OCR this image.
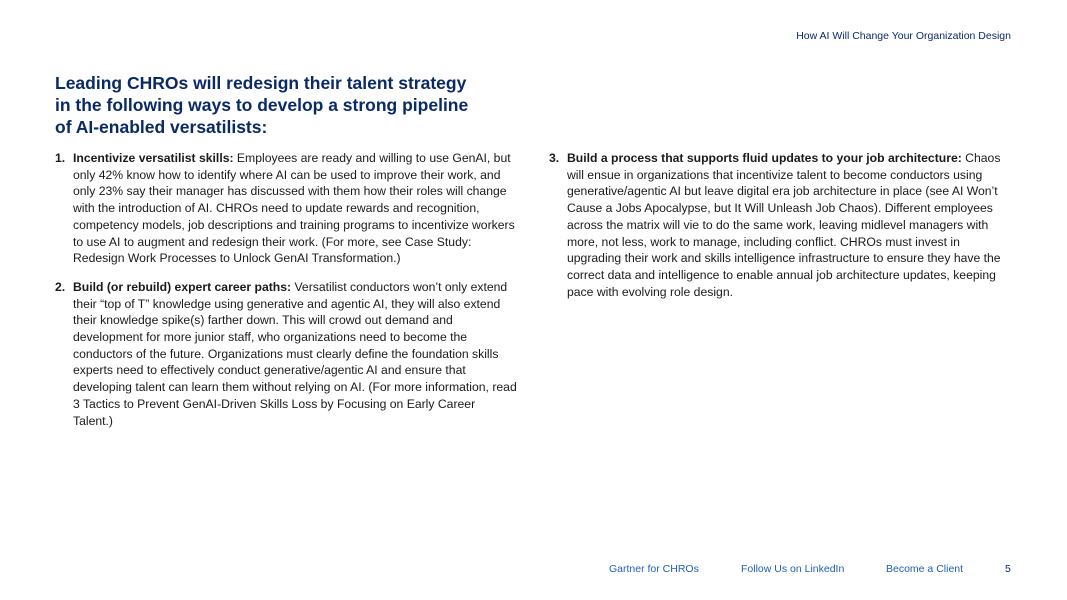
How AI Will Change Your Organization Design
Leading CHROs will redesign their talent strategy in the following ways to develop a strong pipeline of AI-enabled versatilists:
1. Incentivize versatilist skills: Employees are ready and willing to use GenAI, but only 42% know how to identify where AI can be used to improve their work, and only 23% say their manager has discussed with them how their roles will change with the introduction of AI. CHROs need to update rewards and recognition, competency models, job descriptions and training programs to incentivize workers to use AI to augment and redesign their work. (For more, see Case Study: Redesign Work Processes to Unlock GenAI Transformation.)
2. Build (or rebuild) expert career paths: Versatilist conductors won’t only extend their “top of T” knowledge using generative and agentic AI, they will also extend their knowledge spike(s) farther down. This will crowd out demand and development for more junior staff, who organizations need to become the conductors of the future. Organizations must clearly define the foundation skills experts need to effectively conduct generative/agentic AI and ensure that developing talent can learn them without relying on AI. (For more information, read 3 Tactics to Prevent GenAI-Driven Skills Loss by Focusing on Early Career Talent.)
3. Build a process that supports fluid updates to your job architecture: Chaos will ensue in organizations that incentivize talent to become conductors using generative/agentic AI but leave digital era job architecture in place (see AI Won’t Cause a Jobs Apocalypse, but It Will Unleash Job Chaos). Different employees across the matrix will vie to do the same work, leaving midlevel managers with more, not less, work to manage, including conflict. CHROs must invest in upgrading their work and skills intelligence infrastructure to ensure they have the correct data and intelligence to enable annual job architecture updates, keeping pace with evolving role design.
Gartner for CHROs	Follow Us on LinkedIn	Become a Client	5
